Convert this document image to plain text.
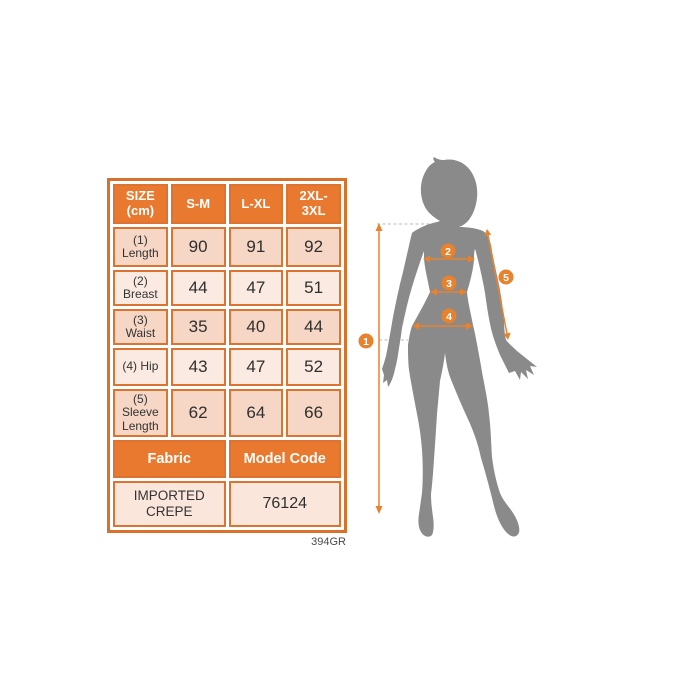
SIZE (cm)	S-M	L-XL	2XL-3XL
(1) Length	90	91	92
(2) Breast	44	47	51
(3) Waist	35	40	44
(4) Hip	43	47	52
(5) Sleeve Length	62	64	66
Fabric		Model Code	
IMPORTED CREPE		76124	
394GR
1
2
3
4
5
